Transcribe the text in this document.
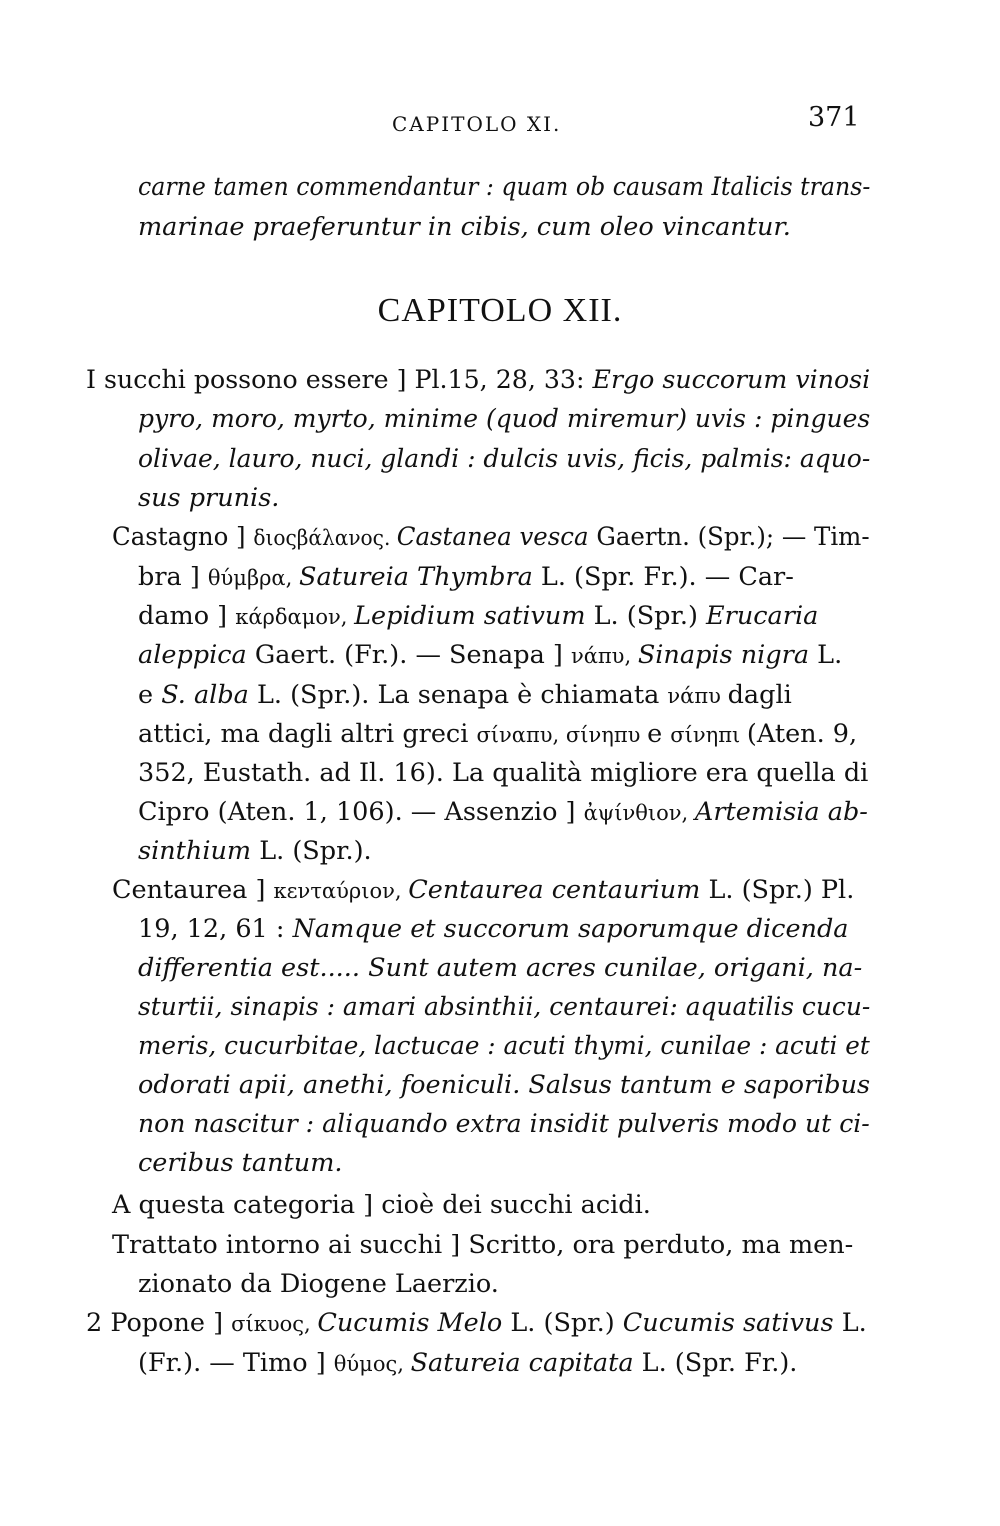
CAPITOLO XI.	371
CAPITOLO XII.
carne tamen commendantur : quam ob causam Italicis trans-
marinae praeferuntur in cibis, cum oleo vincantur.
I succhi possono essere ] Pl.15, 28, 33: Ergo succorum vinosi
pyro, moro, myrto, minime (quod miremur) uvis : pingues
olivae, lauro, nuci, glandi : dulcis uvis, ficis, palmis: aquo-
sus prunis.
Castagno ] διοςβάλανος. Castanea vesca Gaertn. (Spr.); — Tim-
bra ] θύμβρα, Satureia Thymbra L. (Spr. Fr.). — Car-
damo ] κάρδαμον, Lepidium sativum L. (Spr.) Erucaria
aleppica Gaert. (Fr.). — Senapa ] νάπυ, Sinapis nigra L.
e S. alba L. (Spr.). La senapa è chiamata νάπυ dagli
attici, ma dagli altri greci σίναπυ, σίνηπυ e σίνηπι (Aten. 9,
352, Eustath. ad Il. 16). La qualità migliore era quella di
Cipro (Aten. 1, 106). — Assenzio ] ἀψίνθιον, Artemisia ab-
sinthium L. (Spr.).
Centaurea ] κενταύριον, Centaurea centaurium L. (Spr.) Pl.
19, 12, 61 : Namque et succorum saporumque dicenda
differentia est..... Sunt autem acres cunilae, origani, na-
sturtii, sinapis : amari absinthii, centaurei: aquatilis cucu-
meris, cucurbitae, lactucae : acuti thymi, cunilae : acuti et
odorati apii, anethi, foeniculi. Salsus tantum e saporibus
non nascitur : aliquando extra insidit pulveris modo ut ci-
ceribus tantum.
A questa categoria ] cioè dei succhi acidi.
Trattato intorno ai succhi ] Scritto, ora perduto, ma men-
zionato da Diogene Laerzio.
2 Popone ] σίκυος, Cucumis Melo L. (Spr.) Cucumis sativus L.
(Fr.). — Timo ] θύμος, Satureia capitata L. (Spr. Fr.).
